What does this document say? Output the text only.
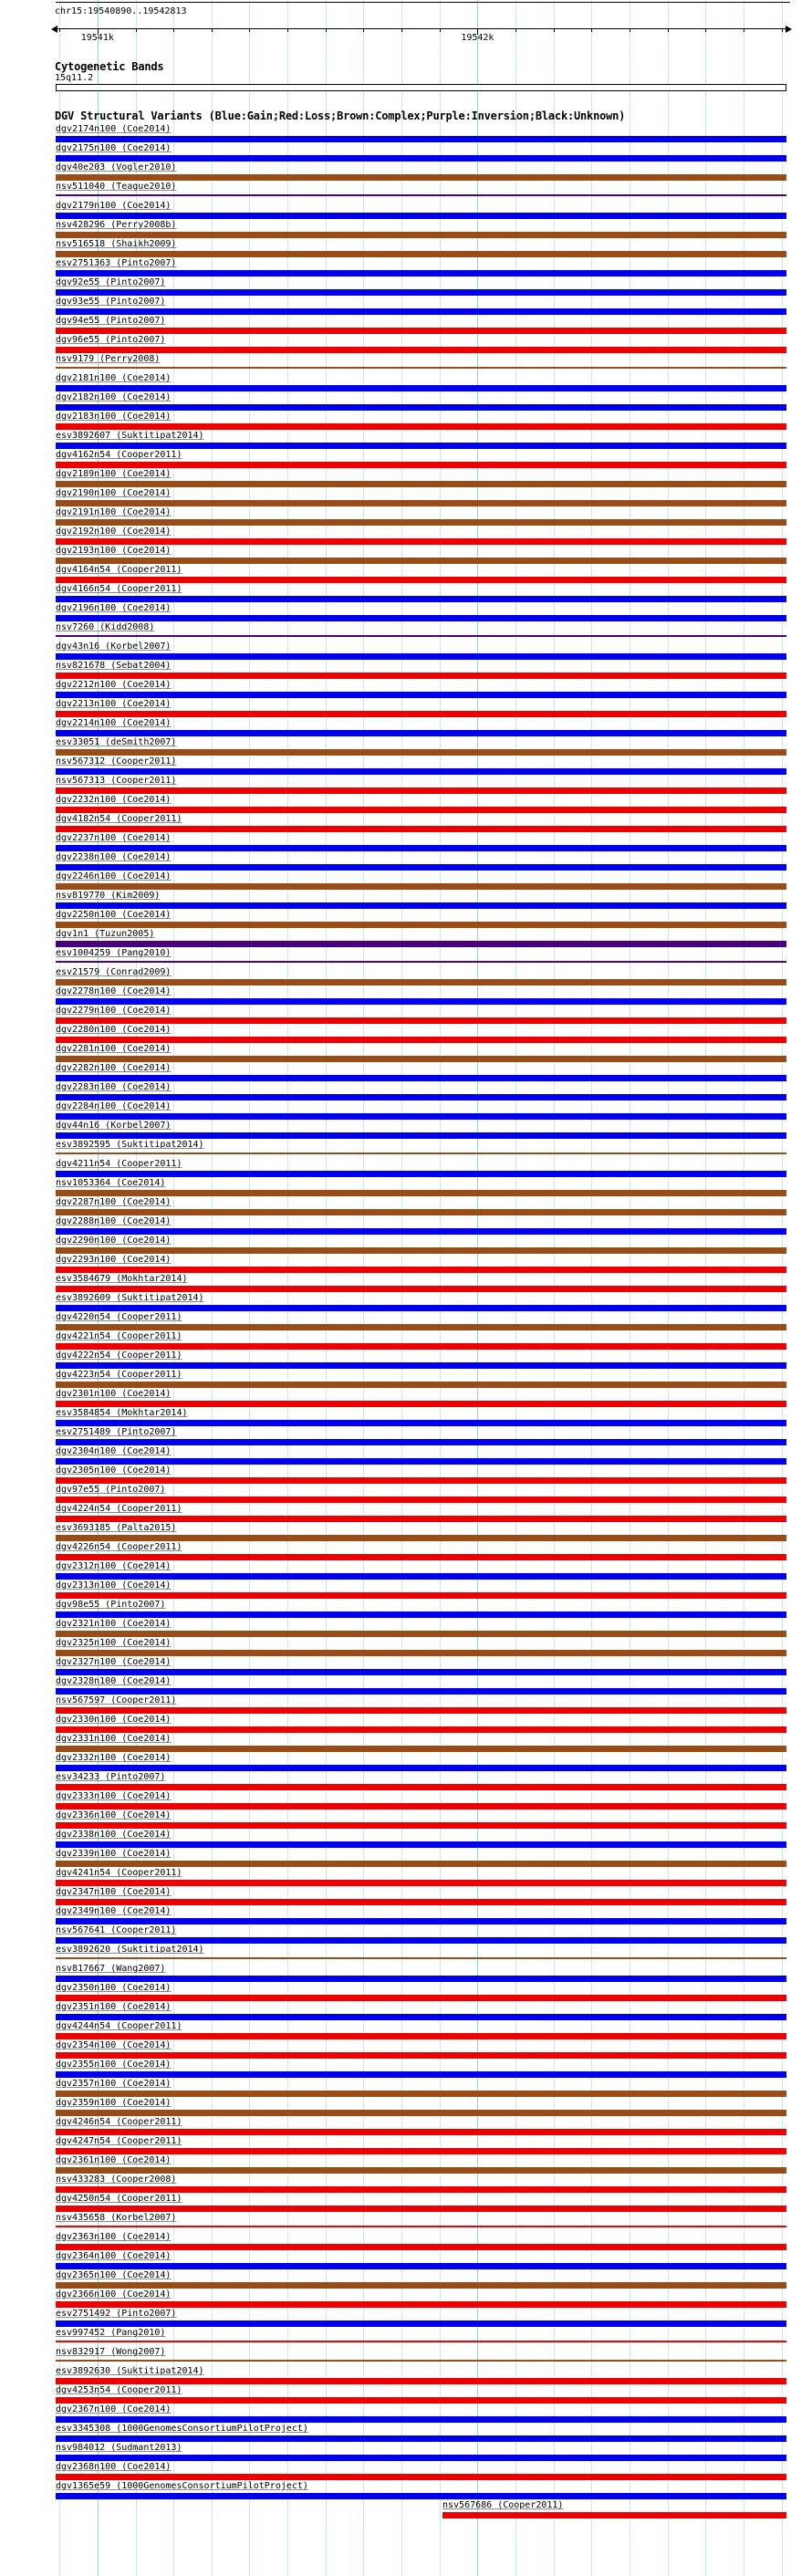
chr15:19540890..19542813
19541k	19542k
Cytogenetic Bands
15q11.2
DGV Structural Variants (Blue:Gain;Red:Loss;Brown:Complex;Purple:Inversion;Black:Unknown)
dgv2174n100 (Coe2014)
dgv2175n100 (Coe2014)
dgv40e203 (Vogler2010)
nsv511040 (Teague2010)
dgv2179n100 (Coe2014)
nsv428296 (Perry2008b)
nsv516518 (Shaikh2009)
esv2751363 (Pinto2007)
dgv92e55 (Pinto2007)
dgv93e55 (Pinto2007)
dgv94e55 (Pinto2007)
dgv96e55 (Pinto2007)
nsv9179 (Perry2008)
dgv2181n100 (Coe2014)
dgv2182n100 (Coe2014)
dgv2183n100 (Coe2014)
esv3892607 (Suktitipat2014)
dgv4162n54 (Cooper2011)
dgv2189n100 (Coe2014)
dgv2190n100 (Coe2014)
dgv2191n100 (Coe2014)
dgv2192n100 (Coe2014)
dgv2193n100 (Coe2014)
dgv4164n54 (Cooper2011)
dgv4166n54 (Cooper2011)
dgv2196n100 (Coe2014)
nsv7260 (Kidd2008)
dgv43n16 (Korbel2007)
nsv821678 (Sebat2004)
dgv2212n100 (Coe2014)
dgv2213n100 (Coe2014)
dgv2214n100 (Coe2014)
esv33051 (deSmith2007)
nsv567312 (Cooper2011)
nsv567313 (Cooper2011)
dgv2232n100 (Coe2014)
dgv4182n54 (Cooper2011)
dgv2237n100 (Coe2014)
dgv2238n100 (Coe2014)
dgv2246n100 (Coe2014)
nsv819770 (Kim2009)
dgv2250n100 (Coe2014)
dgv1n1 (Tuzun2005)
esv1004259 (Pang2010)
esv21579 (Conrad2009)
dgv2278n100 (Coe2014)
dgv2279n100 (Coe2014)
dgv2280n100 (Coe2014)
dgv2281n100 (Coe2014)
dgv2282n100 (Coe2014)
dgv2283n100 (Coe2014)
dgv2284n100 (Coe2014)
dgv44n16 (Korbel2007)
esv3892595 (Suktitipat2014)
dgv4211n54 (Cooper2011)
nsv1053364 (Coe2014)
dgv2287n100 (Coe2014)
dgv2288n100 (Coe2014)
dgv2290n100 (Coe2014)
dgv2293n100 (Coe2014)
esv3584679 (Mokhtar2014)
esv3892609 (Suktitipat2014)
dgv4220n54 (Cooper2011)
dgv4221n54 (Cooper2011)
dgv4222n54 (Cooper2011)
dgv4223n54 (Cooper2011)
dgv2301n100 (Coe2014)
esv3584854 (Mokhtar2014)
esv2751489 (Pinto2007)
dgv2304n100 (Coe2014)
dgv2305n100 (Coe2014)
dgv97e55 (Pinto2007)
dgv4224n54 (Cooper2011)
esv3693185 (Palta2015)
dgv4226n54 (Cooper2011)
dgv2312n100 (Coe2014)
dgv2313n100 (Coe2014)
dgv98e55 (Pinto2007)
dgv2321n100 (Coe2014)
dgv2325n100 (Coe2014)
dgv2327n100 (Coe2014)
dgv2328n100 (Coe2014)
nsv567597 (Cooper2011)
dgv2330n100 (Coe2014)
dgv2331n100 (Coe2014)
dgv2332n100 (Coe2014)
esv34233 (Pinto2007)
dgv2333n100 (Coe2014)
dgv2336n100 (Coe2014)
dgv2338n100 (Coe2014)
dgv2339n100 (Coe2014)
dgv4241n54 (Cooper2011)
dgv2347n100 (Coe2014)
dgv2349n100 (Coe2014)
nsv567641 (Cooper2011)
esv3892620 (Suktitipat2014)
nsv817667 (Wang2007)
dgv2350n100 (Coe2014)
dgv2351n100 (Coe2014)
dgv4244n54 (Cooper2011)
dgv2354n100 (Coe2014)
dgv2355n100 (Coe2014)
dgv2357n100 (Coe2014)
dgv2359n100 (Coe2014)
dgv4246n54 (Cooper2011)
dgv4247n54 (Cooper2011)
dgv2361n100 (Coe2014)
nsv433283 (Cooper2008)
dgv4250n54 (Cooper2011)
nsv435658 (Korbel2007)
dgv2363n100 (Coe2014)
dgv2364n100 (Coe2014)
dgv2365n100 (Coe2014)
dgv2366n100 (Coe2014)
esv2751492 (Pinto2007)
esv997452 (Pang2010)
nsv832917 (Wong2007)
esv3892630 (Suktitipat2014)
dgv4253n54 (Cooper2011)
dgv2367n100 (Coe2014)
esv3345308 (1000GenomesConsortiumPilotProject)
nsv984012 (Sudmant2013)
dgv2368n100 (Coe2014)
dgv1365e59 (1000GenomesConsortiumPilotProject)
nsv567686 (Cooper2011)
